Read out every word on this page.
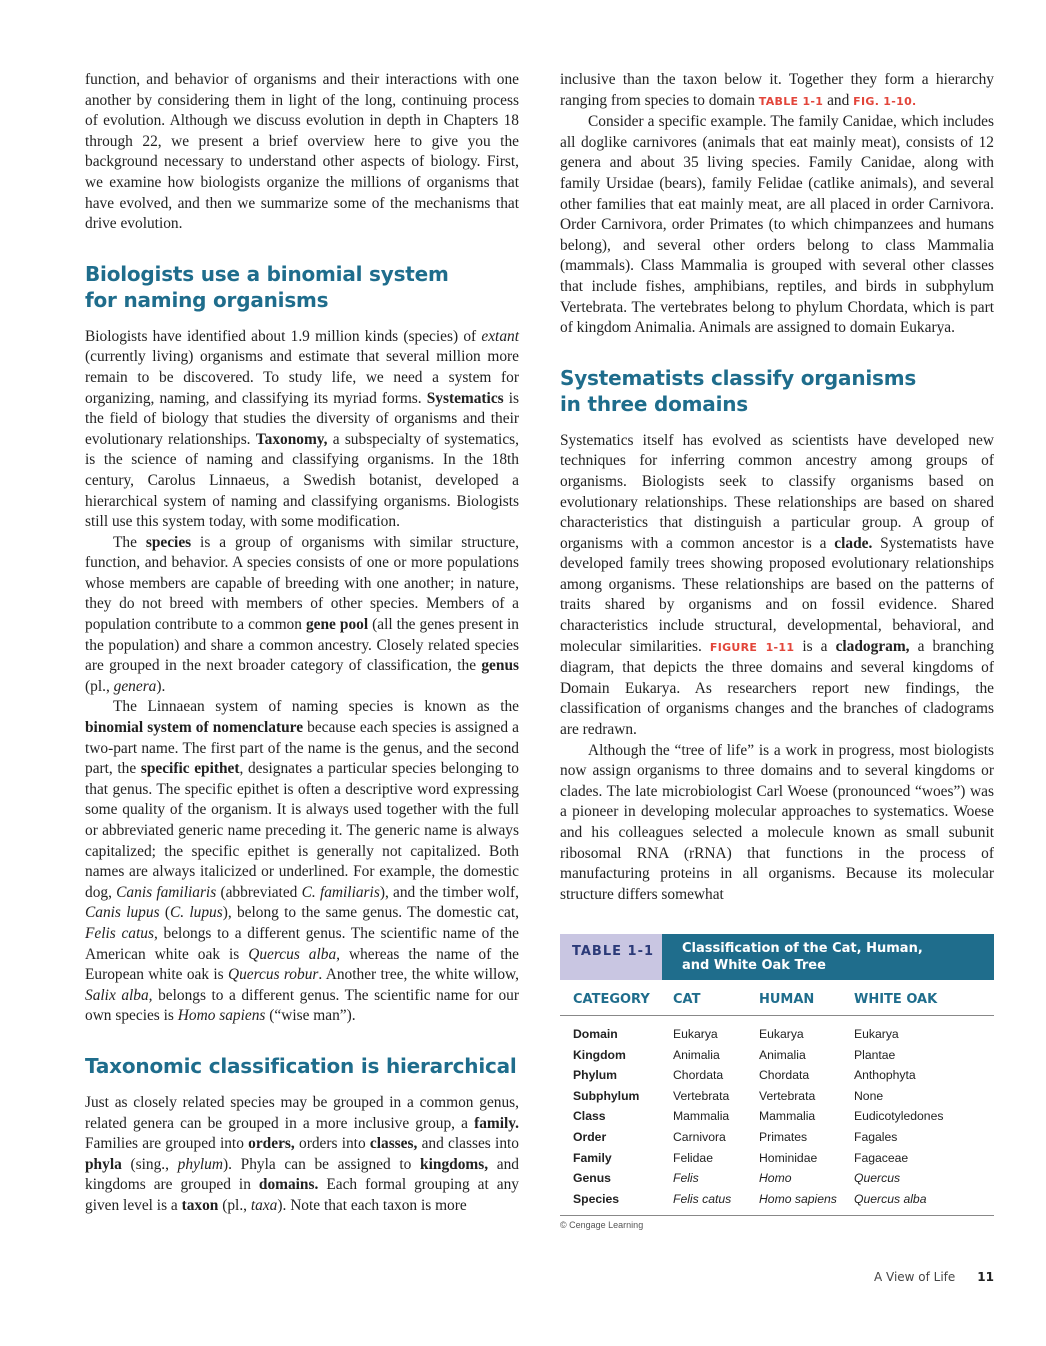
function, and behavior of organisms and their interactions with one another by considering them in light of the long, continuing process of evolution. Although we discuss evolution in depth in Chapters 18 through 22, we present a brief overview here to give you the background necessary to understand other aspects of biology. First, we examine how biologists organize the millions of organisms that have evolved, and then we summarize some of the mechanisms that drive evolution.

Biologists use a binomial system
for naming organisms

Biologists have identified about 1.9 million kinds (species) of extant (currently living) organisms and estimate that several million more remain to be discovered. To study life, we need a system for organizing, naming, and classifying its myriad forms. Systematics is the field of biology that studies the diversity of organisms and their evolutionary relationships. Taxonomy, a subspecialty of systematics, is the science of naming and classifying organisms. In the 18th century, Carolus Linnaeus, a Swedish botanist, developed a hierarchical system of naming and classifying organisms. Biologists still use this system today, with some modification.

The species is a group of organisms with similar structure, function, and behavior. A species consists of one or more populations whose members are capable of breeding with one another; in nature, they do not breed with members of other species. Members of a population contribute to a common gene pool (all the genes present in the population) and share a common ancestry. Closely related species are grouped in the next broader category of classification, the genus (pl., genera).

The Linnaean system of naming species is known as the binomial system of nomenclature because each species is assigned a two-part name. The first part of the name is the genus, and the second part, the specific epithet, designates a particular species belonging to that genus. The specific epithet is often a descriptive word expressing some quality of the organism. It is always used together with the full or abbreviated generic name preceding it. The generic name is always capitalized; the specific epithet is generally not capitalized. Both names are always italicized or underlined. For example, the domestic dog, Canis familiaris (abbreviated C. familiaris), and the timber wolf, Canis lupus (C. lupus), belong to the same genus. The domestic cat, Felis catus, belongs to a different genus. The scientific name of the American white oak is Quercus alba, whereas the name of the European white oak is Quercus robur. Another tree, the white willow, Salix alba, belongs to a different genus. The scientific name for our own species is Homo sapiens (“wise man”).

Taxonomic classification is hierarchical

Just as closely related species may be grouped in a common genus, related genera can be grouped in a more inclusive group, a family. Families are grouped into orders, orders into classes, and classes into phyla (sing., phylum). Phyla can be assigned to kingdoms, and kingdoms are grouped in domains. Each formal grouping at any given level is a taxon (pl., taxa). Note that each taxon is more

inclusive than the taxon below it. Together they form a hierarchy ranging from species to domain TABLE 1-1 and FIG. 1-10.

Consider a specific example. The family Canidae, which includes all doglike carnivores (animals that eat mainly meat), consists of 12 genera and about 35 living species. Family Canidae, along with family Ursidae (bears), family Felidae (catlike animals), and several other families that eat mainly meat, are all placed in order Carnivora. Order Carnivora, order Primates (to which chimpanzees and humans belong), and several other orders belong to class Mammalia (mammals). Class Mammalia is grouped with several other classes that include fishes, amphibians, reptiles, and birds in subphylum Vertebrata. The vertebrates belong to phylum Chordata, which is part of kingdom Animalia. Animals are assigned to domain Eukarya.

Systematists classify organisms
in three domains

Systematics itself has evolved as scientists have developed new techniques for inferring common ancestry among groups of organisms. Biologists seek to classify organisms based on evolutionary relationships. These relationships are based on shared characteristics that distinguish a particular group. A group of organisms with a common ancestor is a clade. Systematists have developed family trees showing proposed evolutionary relationships among organisms. These relationships are based on the patterns of traits shared by organisms and on fossil evidence. Shared characteristics include structural, developmental, behavioral, and molecular similarities. FIGURE 1-11 is a cladogram, a branching diagram, that depicts the three domains and several kingdoms of Domain Eukarya. As researchers report new findings, the classification of organisms changes and the branches of cladograms are redrawn.

Although the “tree of life” is a work in progress, most biologists now assign organisms to three domains and to several kingdoms or clades. The late microbiologist Carl Woese (pronounced “woes”) was a pioneer in developing molecular approaches to systematics. Woese and his colleagues selected a molecule known as small subunit ribosomal RNA (rRNA) that functions in the process of manufacturing proteins in all organisms. Because its molecular structure differs somewhat

TABLE 1-1	Classification of the Cat, Human,
and White Oak Tree
CATEGORY	CAT	HUMAN	WHITE OAK
Domain	Eukarya	Eukarya	Eukarya
Kingdom	Animalia	Animalia	Plantae
Phylum	Chordata	Chordata	Anthophyta
Subphylum	Vertebrata	Vertebrata	None
Class	Mammalia	Mammalia	Eudicotyledones
Order	Carnivora	Primates	Fagales
Family	Felidae	Hominidae	Fagaceae
Genus	Felis	Homo	Quercus
Species	Felis catus	Homo sapiens	Quercus alba
© Cengage Learning
A View of Life 11
